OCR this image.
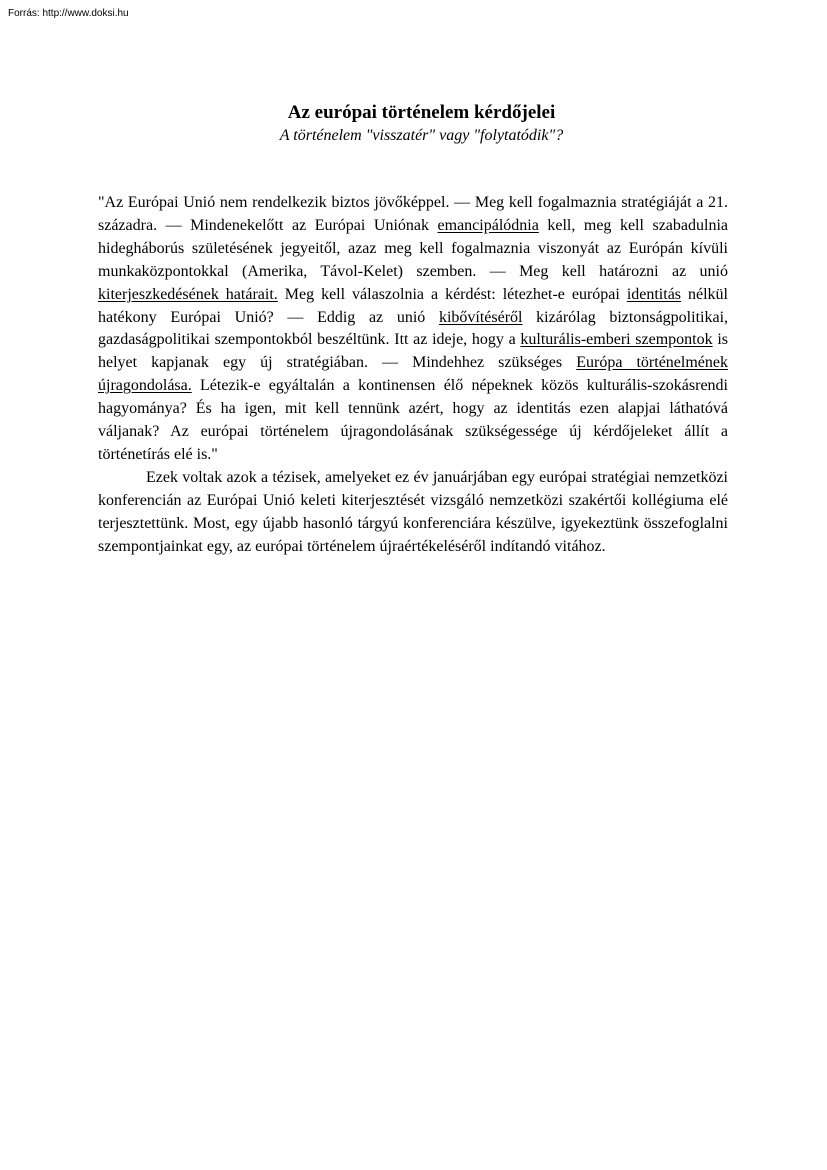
Forrás: http://www.doksi.hu
Az európai történelem kérdőjelei
A történelem "visszatér" vagy "folytatódik"?

"Az Európai Unió nem rendelkezik biztos jövőképpel. — Meg kell fogalmaznia stratégiáját a 21. századra. — Mindenekelőtt az Európai Uniónak emancipálódnia kell, meg kell szabadulnia hidegháborús születésének jegyeitől, azaz meg kell fogalmaznia viszonyát az Európán kívüli munkaközpontokkal (Amerika, Távol-Kelet) szemben. — Meg kell határozni az unió kiterjeszkedésének határait. Meg kell válaszolnia a kérdést: létezhet-e európai identitás nélkül hatékony Európai Unió? — Eddig az unió kibővítéséről kizárólag biztonságpolitikai, gazdaságpolitikai szempontokból beszéltünk. Itt az ideje, hogy a kulturális-emberi szempontok is helyet kapjanak egy új stratégiában. — Mindehhez szükséges Európa történelmének újragondolása. Létezik-e egyáltalán a kontinensen élő népeknek közös kulturális-szokásrendi hagyománya? És ha igen, mit kell tennünk azért, hogy az identitás ezen alapjai láthatóvá váljanak? Az európai történelem újragondolásának szükségessége új kérdőjeleket állít a történetírás elé is."

Ezek voltak azok a tézisek, amelyeket ez év januárjában egy európai stratégiai nemzetközi konferencián az Európai Unió keleti kiterjesztését vizsgáló nemzetközi szakértői kollégiuma elé terjesztettünk. Most, egy újabb hasonló tárgyú konferenciára készülve, igyekeztünk összefoglalni szempontjainkat egy, az európai történelem újraértékeléséről indítandó vitához.
